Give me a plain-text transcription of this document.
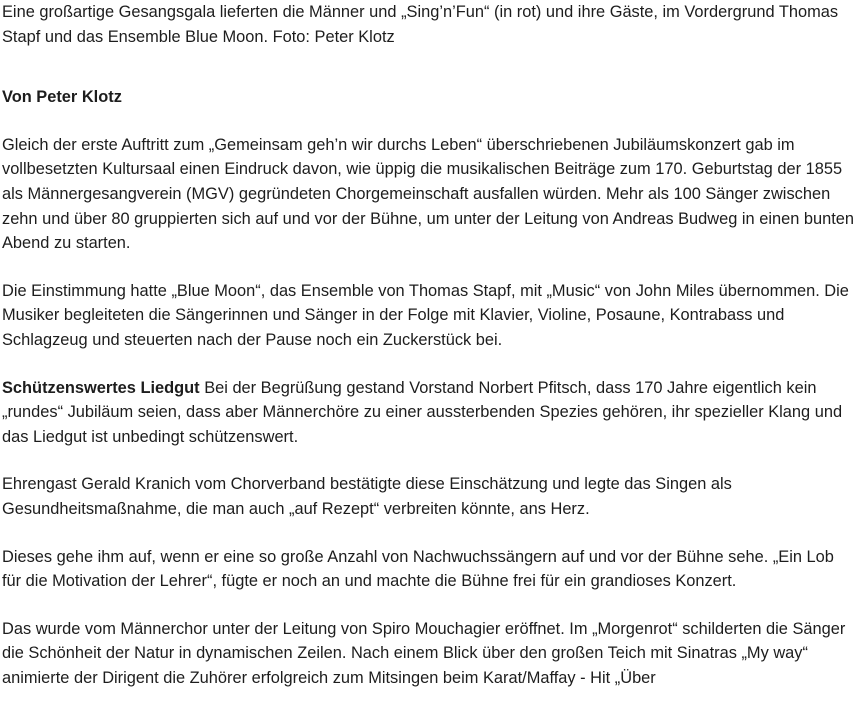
Eine großartige Gesangsgala lieferten die Männer und „Sing’n’Fun“ (in rot) und ihre Gäste, im Vordergrund Thomas Stapf und das Ensemble Blue Moon. Foto: Peter Klotz

Von Peter Klotz

Gleich der erste Auftritt zum „Gemeinsam geh’n wir durchs Leben“ überschriebenen Jubiläumskonzert gab im vollbesetzten Kultursaal einen Eindruck davon, wie üppig die musikalischen Beiträge zum 170. Geburtstag der 1855 als Männergesangverein (MGV) gegründeten Chorgemeinschaft ausfallen würden. Mehr als 100 Sänger zwischen zehn und über 80 gruppierten sich auf und vor der Bühne, um unter der Leitung von Andreas Budweg in einen bunten Abend zu starten.

Die Einstimmung hatte „Blue Moon“, das Ensemble von Thomas Stapf, mit „Music“ von John Miles übernommen. Die Musiker begleiteten die Sängerinnen und Sänger in der Folge mit Klavier, Violine, Posaune, Kontrabass und Schlagzeug und steuerten nach der Pause noch ein Zuckerstück bei.

Schützenswertes Liedgut Bei der Begrüßung gestand Vorstand Norbert Pfitsch, dass 170 Jahre eigentlich kein „rundes“ Jubiläum seien, dass aber Männerchöre zu einer aussterbenden Spezies gehören, ihr spezieller Klang und das Liedgut ist unbedingt schützenswert.

Ehrengast Gerald Kranich vom Chorverband bestätigte diese Einschätzung und legte das Singen als Gesundheitsmaßnahme, die man auch „auf Rezept“ verbreiten könnte, ans Herz.

Dieses gehe ihm auf, wenn er eine so große Anzahl von Nachwuchssängern auf und vor der Bühne sehe. „Ein Lob für die Motivation der Lehrer“, fügte er noch an und machte die Bühne frei für ein grandioses Konzert.

Das wurde vom Männerchor unter der Leitung von Spiro Mouchagier eröffnet. Im „Morgenrot“ schilderten die Sänger die Schönheit der Natur in dynamischen Zeilen. Nach einem Blick über den großen Teich mit Sinatras „My way“ animierte der Dirigent die Zuhörer erfolgreich zum Mitsingen beim Karat/Maffay - Hit „Über
